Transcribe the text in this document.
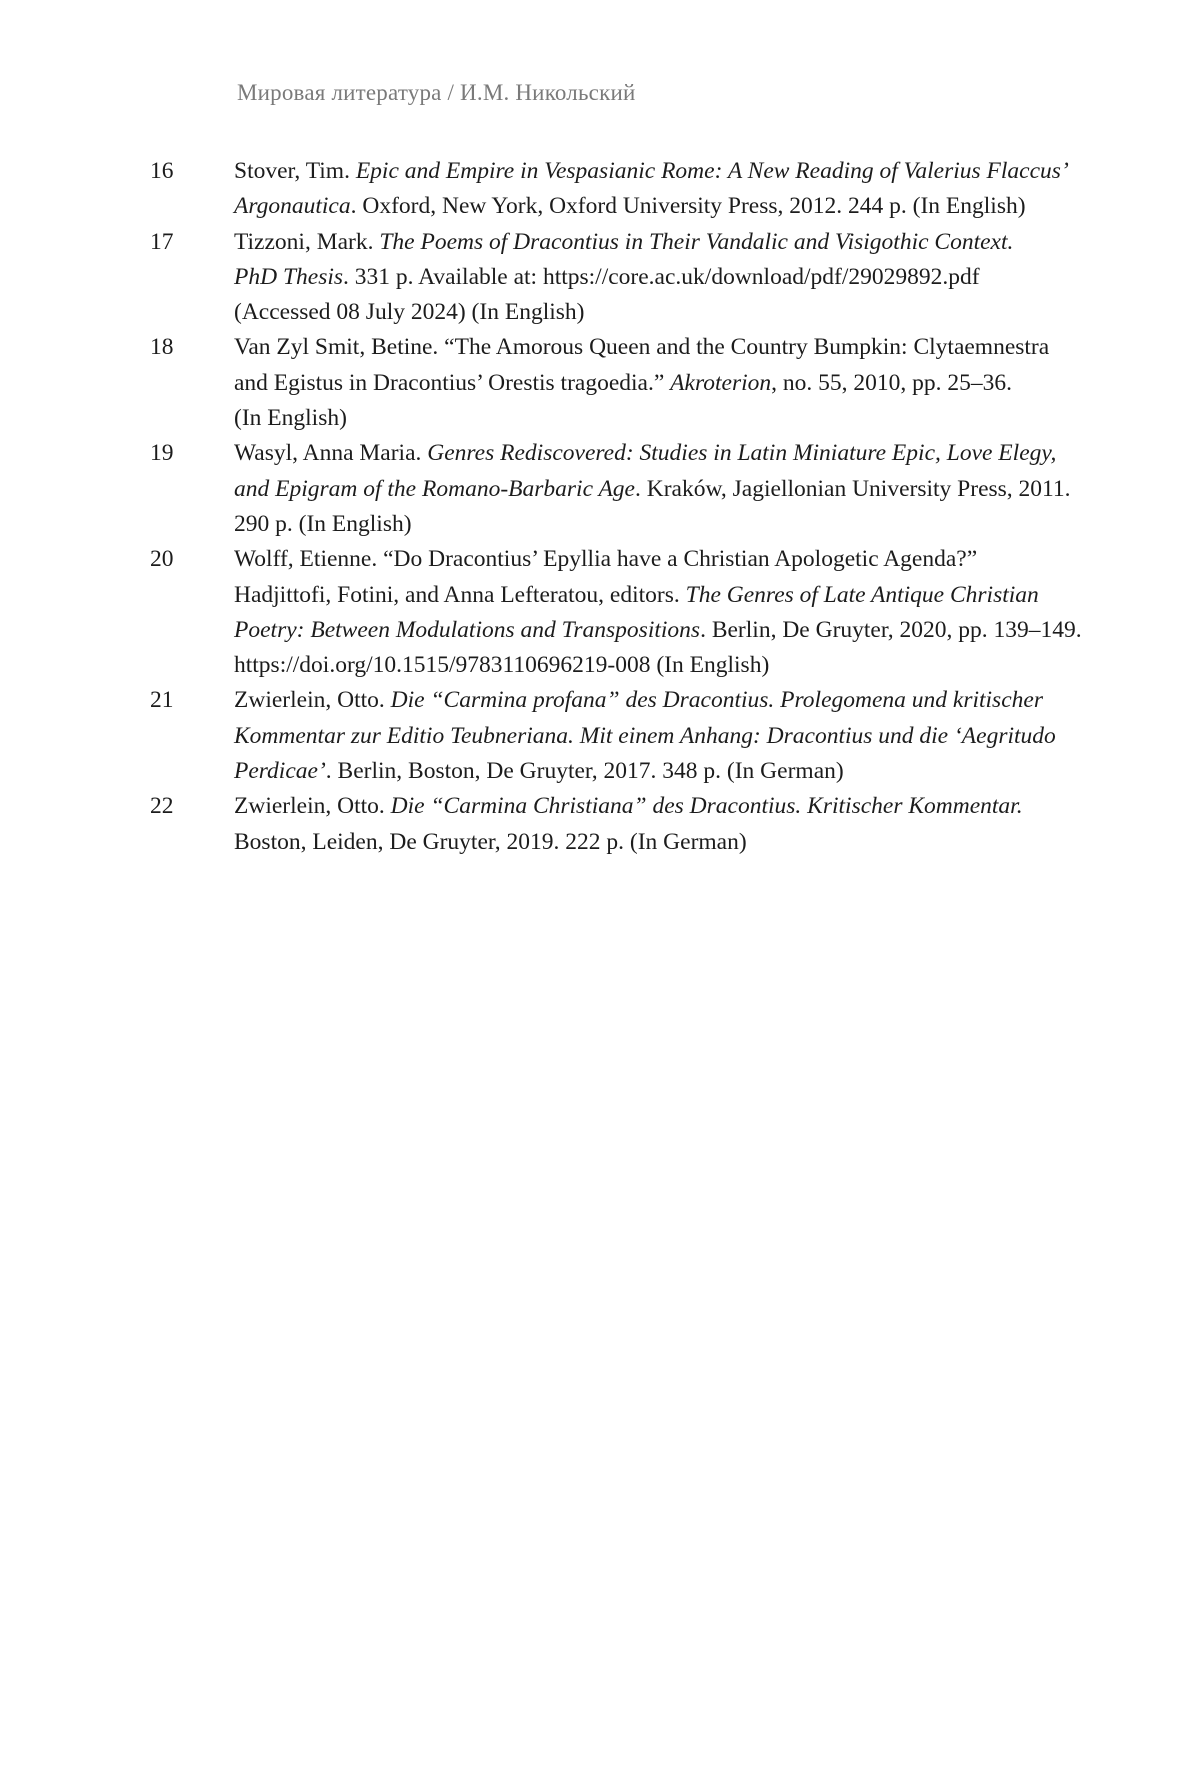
Мировая литература / И.М. Никольский
16	Stover, Tim. Epic and Empire in Vespasianic Rome: A New Reading of Valerius Flaccus’
Argonautica. Oxford, New York, Oxford University Press, 2012. 244 p. (In English)
17	Tizzoni, Mark. The Poems of Dracontius in Their Vandalic and Visigothic Context.
PhD Thesis. 331 p. Available at: https://core.ac.uk/download/pdf/29029892.pdf
(Accessed 08 July 2024) (In English)
18	Van Zyl Smit, Betine. “The Amorous Queen and the Country Bumpkin: Clytaemnestra
and Egistus in Dracontius’ Orestis tragoedia.” Akroterion, no. 55, 2010, pp. 25–36.
(In English)
19	Wasyl, Anna Maria. Genres Rediscovered: Studies in Latin Miniature Epic, Love Elegy,
and Epigram of the Romano-Barbaric Age. Kraków, Jagiellonian University Press, 2011.
290 p. (In English)
20	Wolff, Etienne. “Do Dracontius’ Epyllia have a Christian Apologetic Agenda?”
Hadjittofi, Fotini, and Anna Lefteratou, editors. The Genres of Late Antique Christian
Poetry: Between Modulations and Transpositions. Berlin, De Gruyter, 2020, pp. 139–149.
https://doi.org/10.1515/9783110696219-008 (In English)
21	Zwierlein, Otto. Die “Carmina profana” des Dracontius. Prolegomena und kritischer
Kommentar zur Editio Teubneriana. Mit einem Anhang: Dracontius und die ‘Aegritudo
Perdicae’. Berlin, Boston, De Gruyter, 2017. 348 p. (In German)
22	Zwierlein, Otto. Die “Carmina Christiana” des Dracontius. Kritischer Kommentar.
Boston, Leiden, De Gruyter, 2019. 222 p. (In German)
